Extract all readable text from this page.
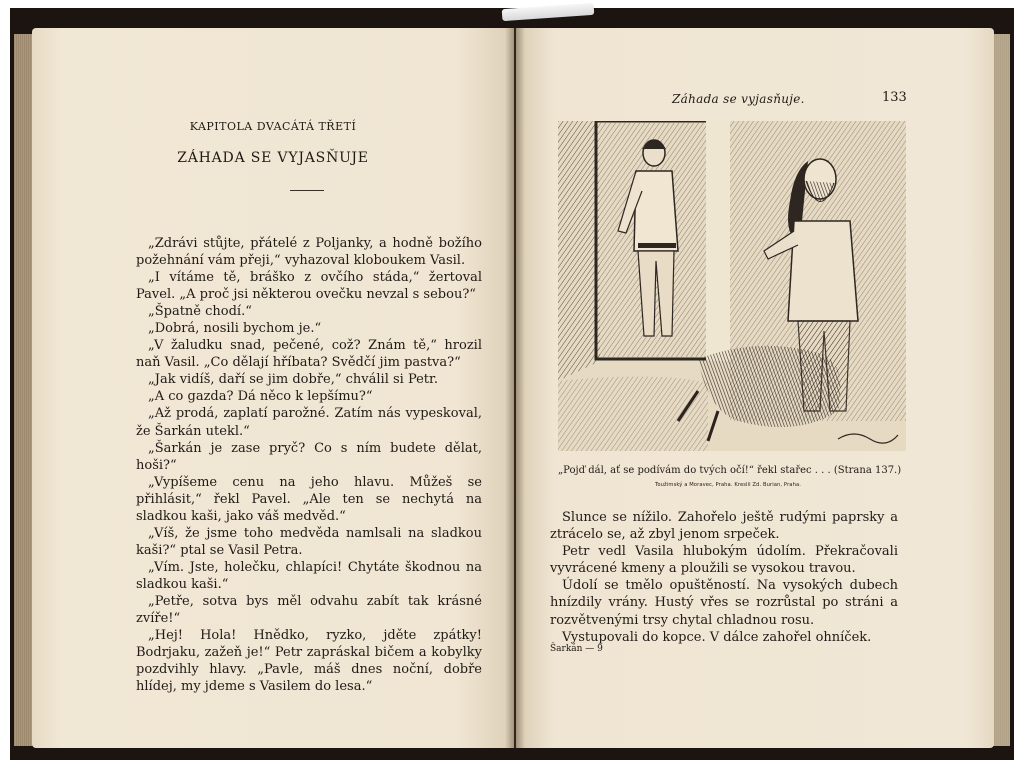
KAPITOLA DVACÁTÁ TŘETÍ
ZÁHADA SE VYJASŇUJE

„Zdrávi stůjte, přátelé z Poljanky, a hodně božího požehnání vám přeji,“ vyhazoval kloboukem Vasil.

„I vítáme tě, bráško z ovčího stáda,“ žertoval Pavel. „A proč jsi některou ovečku nevzal s sebou?“

„Špatně chodí.“

„Dobrá, nosili bychom je.“

„V žaludku snad, pečené, což? Znám tě,“ hrozil naň Vasil. „Co dělají hříbata? Svědčí jim pastva?“

„Jak vidíš, daří se jim dobře,“ chválil si Petr.

„A co gazda? Dá něco k lepšímu?“

„Až prodá, zaplatí parožné. Zatím nás vypeskoval, že Šarkán utekl.“

„Šarkán je zase pryč? Co s ním budete dělat, hoši?“

„Vypíšeme cenu na jeho hlavu. Můžeš se přihlásit,“ řekl Pavel. „Ale ten se nechytá na sladkou kaši, jako váš medvěd.“

„Víš, že jsme toho medvěda namlsali na sladkou kaši?“ ptal se Vasil Petra.

„Vím. Jste, holečku, chlapíci! Chytáte škodnou na sladkou kaši.“

„Petře, sotva bys měl odvahu zabít tak krásné zvíře!“

„Hej! Hola! Hnědko, ryzko, jděte zpátky! Bodrjaku, zažeň je!“ Petr zapráskal bičem a kobylky pozdvihly hlavy. „Pavle, máš dnes noční, dobře hlídej, my jdeme s Vasilem do lesa.“

Záhada se vyjasňuje.	133
„Pojď dál, ať se podívám do tvých očí!“ řekl stařec . . . (Strana 137.)
Toužimský a Moravec, Praha. Kreslil Zd. Burian, Praha.

Slunce se nížilo. Zahořelo ještě rudými paprsky a ztrácelo se, až zbyl jenom srpeček.

Petr vedl Vasila hlubokým údolím. Překračovali vyvrácené kmeny a ploužili se vysokou travou.

Údolí se tmělo opuštěností. Na vysokých dubech hnízdily vrány. Hustý vřes se rozrůstal po stráni a rozvětvenými trsy chytal chladnou rosu.

Vystupovali do kopce. V dálce zahořel ohníček.

Šarkán — 9
